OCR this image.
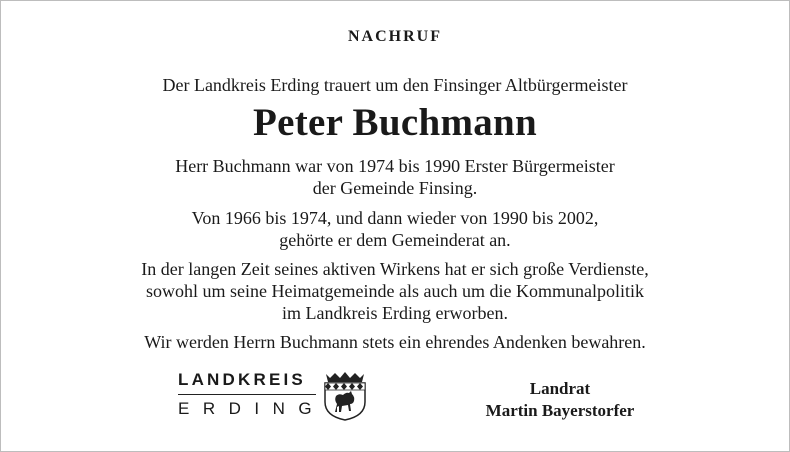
NACHRUF
Der Landkreis Erding trauert um den Finsinger Altbürgermeister
Peter Buchmann
Herr Buchmann war von 1974 bis 1990 Erster Bürgermeister
der Gemeinde Finsing.
Von 1966 bis 1974, und dann wieder von 1990 bis 2002,
gehörte er dem Gemeinderat an.
In der langen Zeit seines aktiven Wirkens hat er sich große Verdienste,
sowohl um seine Heimatgemeinde als auch um die Kommunalpolitik
im Landkreis Erding erworben.
Wir werden Herrn Buchmann stets ein ehrendes Andenken bewahren.
LANDKREIS
ERDING
Landrat
Martin Bayerstorfer
